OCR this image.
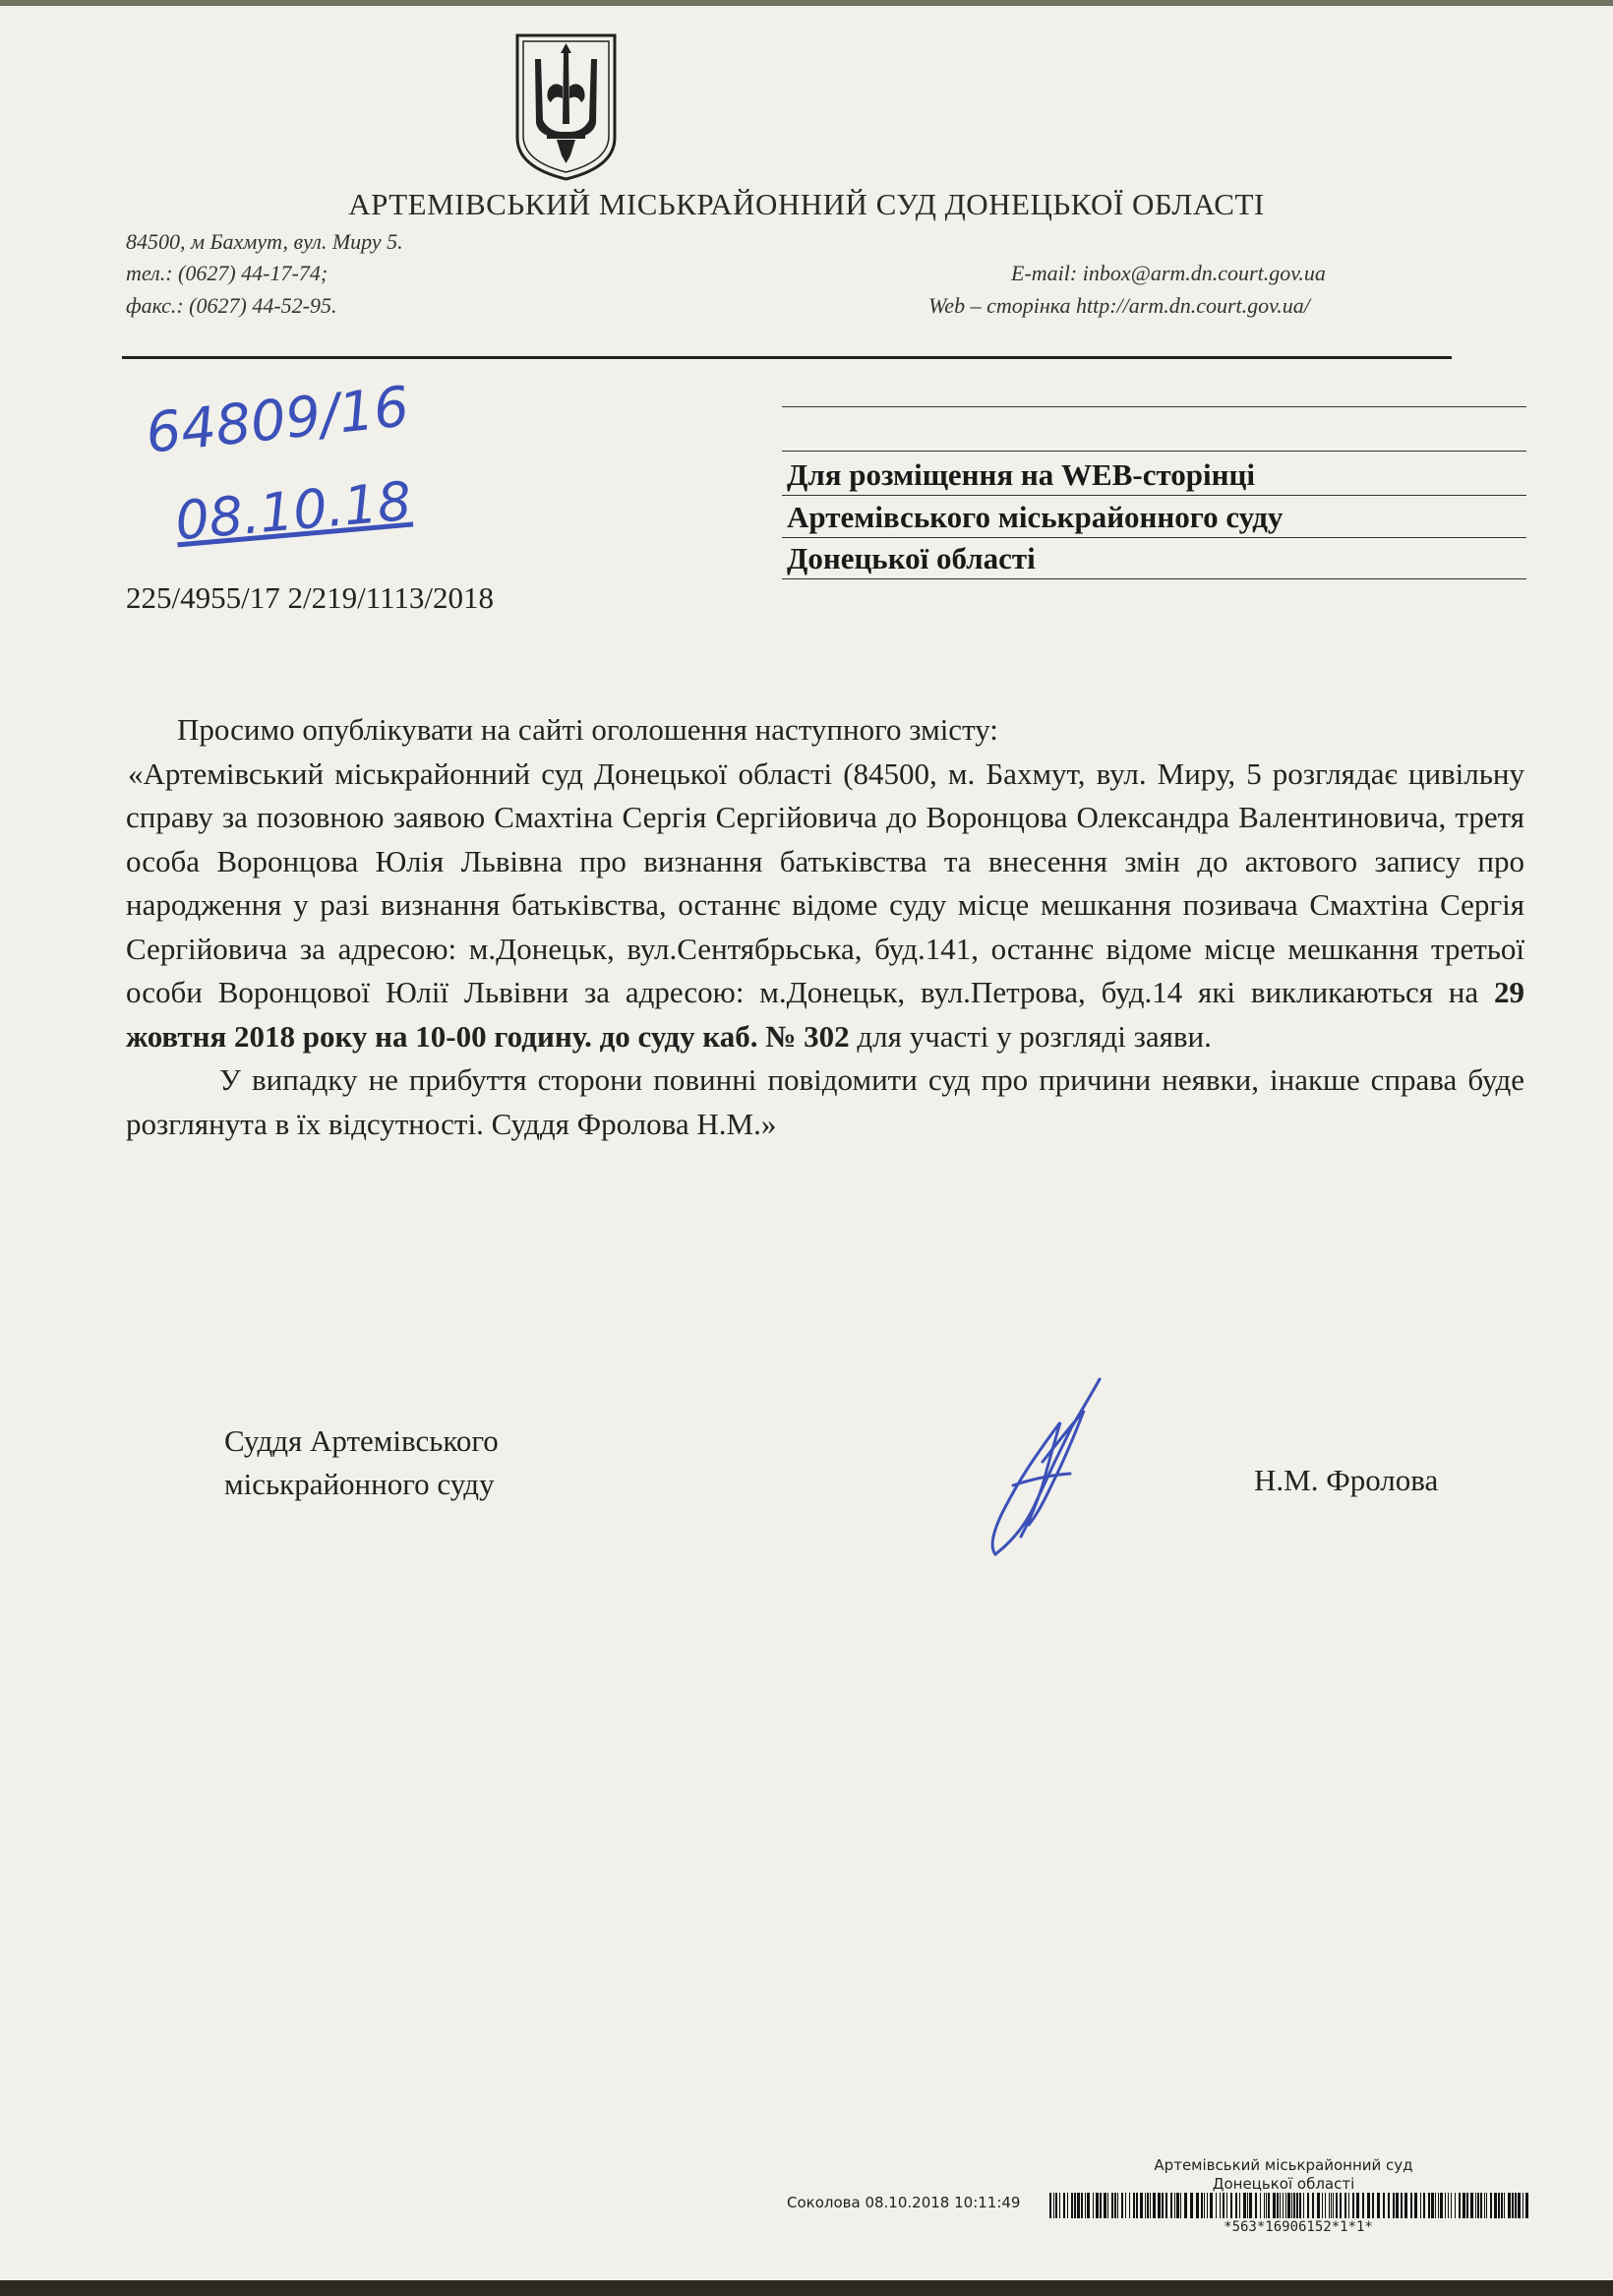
АРТЕМІВСЬКИЙ МІСЬКРАЙОННИЙ СУД ДОНЕЦЬКОЇ ОБЛАСТІ
84500, м Бахмут, вул. Миру 5.
тел.: (0627) 44-17-74;
факс.: (0627) 44-52-95.
E-mail: inbox@arm.dn.court.gov.ua
Web – сторінка http://arm.dn.court.gov.ua/
64809/16
08.10.18	Для розміщення на WEB-сторінці
Артемівського міськрайонного суду
Донецької області
225/4955/17 2/219/1113/2018

Просимо опублікувати на сайті оголошення наступного змісту:

«Артемівський міськрайонний суд Донецької області (84500, м. Бахмут, вул. Миру, 5 розглядає цивільну справу за позовною заявою Смахтіна Сергія Сергійовича до Воронцова Олександра Валентиновича, третя особа Воронцова Юлія Львівна про визнання батьківства та внесення змін до актового запису про народження у разі визнання батьківства, останнє відоме суду місце мешкання позивача Смахтіна Сергія Сергійовича за адресою: м.Донецьк, вул.Сентябрьська, буд.141, останнє відоме місце мешкання третьої особи Воронцової Юлії Львівни за адресою: м.Донецьк, вул.Петрова, буд.14 які викликаються на 29 жовтня 2018 року на 10-00 годину. до суду каб. № 302 для участі у розгляді заяви.

У випадку не прибуття сторони повинні повідомити суд про причини неявки, інакше справа буде розглянута в їх відсутності. Суддя Фролова Н.М.»

Суддя Артемівського
міськрайонного суду	Н.М. Фролова
Артемівський міськрайонний суд
Донецької області
Соколова 08.10.2018 10:11:49
*563*16906152*1*1*
